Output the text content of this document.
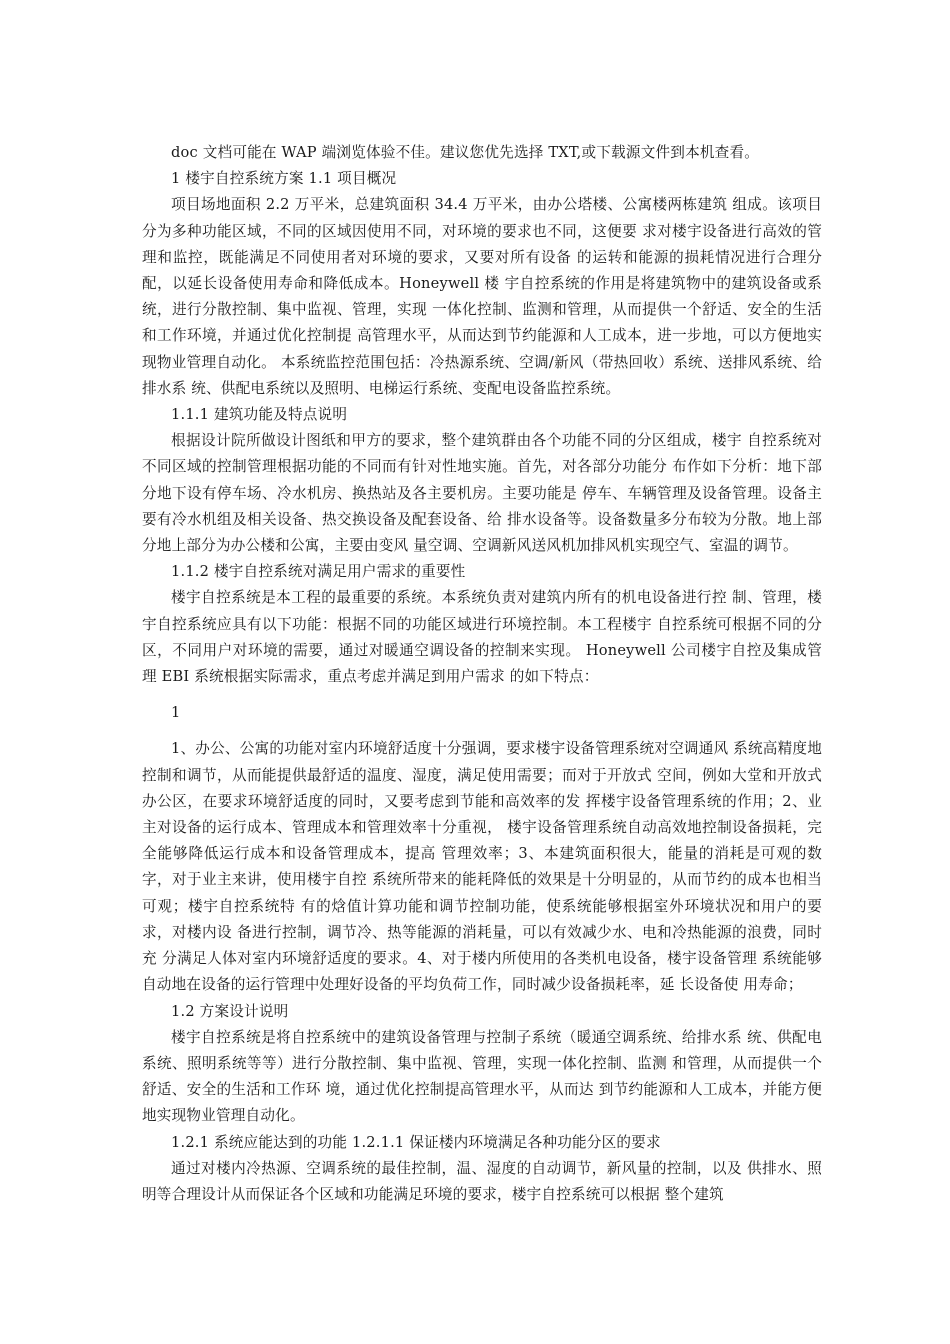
doc 文档可能在 WAP 端浏览体验不佳。建议您优先选择 TXT,或下载源文件到本机查看。

1 楼宇自控系统方案 1.1 项目概况

项目场地面积 2.2 万平米，总建筑面积 34.4 万平米，由办公塔楼、公寓楼两栋建筑 组成。该项目分为多种功能区域，不同的区域因使用不同，对环境的要求也不同，这便要 求对楼宇设备进行高效的管理和监控，既能满足不同使用者对环境的要求，又要对所有设备 的运转和能源的损耗情况进行合理分配，以延长设备使用寿命和降低成本。Honeywell 楼 宇自控系统的作用是将建筑物中的建筑设备或系统，进行分散控制、集中监视、管理，实现 一体化控制、监测和管理，从而提供一个舒适、安全的生活和工作环境，并通过优化控制提 高管理水平，从而达到节约能源和人工成本，进一步地，可以方便地实现物业管理自动化。 本系统监控范围包括：冷热源系统、空调/新风（带热回收）系统、送排风系统、给排水系 统、供配电系统以及照明、电梯运行系统、变配电设备监控系统。

1.1.1 建筑功能及特点说明

根据设计院所做设计图纸和甲方的要求，整个建筑群由各个功能不同的分区组成，楼宇 自控系统对不同区域的控制管理根据功能的不同而有针对性地实施。首先，对各部分功能分 布作如下分析：地下部分地下设有停车场、冷水机房、换热站及各主要机房。主要功能是 停车、车辆管理及设备管理。设备主要有冷水机组及相关设备、热交换设备及配套设备、给 排水设备等。设备数量多分布较为分散。地上部分地上部分为办公楼和公寓，主要由变风 量空调、空调新风送风机加排风机实现空气、室温的调节。

1.1.2 楼宇自控系统对满足用户需求的重要性

楼宇自控系统是本工程的最重要的系统。本系统负责对建筑内所有的机电设备进行控 制、管理，楼宇自控系统应具有以下功能：根据不同的功能区域进行环境控制。本工程楼宇 自控系统可根据不同的分区，不同用户对环境的需要，通过对暖通空调设备的控制来实现。 Honeywell 公司楼宇自控及集成管理 EBI 系统根据实际需求，重点考虑并满足到用户需求 的如下特点：

1

1、办公、公寓的功能对室内环境舒适度十分强调，要求楼宇设备管理系统对空调通风 系统高精度地控制和调节，从而能提供最舒适的温度、湿度，满足使用需要；而对于开放式 空间，例如大堂和开放式办公区，在要求环境舒适度的同时，又要考虑到节能和高效率的发 挥楼宇设备管理系统的作用；2、业主对设备的运行成本、管理成本和管理效率十分重视， 楼宇设备管理系统自动高效地控制设备损耗，完全能够降低运行成本和设备管理成本，提高 管理效率；3、本建筑面积很大，能量的消耗是可观的数字，对于业主来讲，使用楼宇自控 系统所带来的能耗降低的效果是十分明显的，从而节约的成本也相当可观；楼宇自控系统特 有的焓值计算功能和调节控制功能，使系统能够根据室外环境状况和用户的要求，对楼内设 备进行控制，调节冷、热等能源的消耗量，可以有效减少水、电和冷热能源的浪费，同时充 分满足人体对室内环境舒适度的要求。4、对于楼内所使用的各类机电设备，楼宇设备管理 系统能够自动地在设备的运行管理中处理好设备的平均负荷工作，同时减少设备损耗率，延 长设备使 用寿命；

1.2 方案设计说明

楼宇自控系统是将自控系统中的建筑设备管理与控制子系统（暖通空调系统、给排水系 统、供配电系统、照明系统等等）进行分散控制、集中监视、管理，实现一体化控制、监测 和管理，从而提供一个舒适、安全的生活和工作环 境，通过优化控制提高管理水平，从而达 到节约能源和人工成本，并能方便地实现物业管理自动化。

1.2.1 系统应能达到的功能 1.2.1.1 保证楼内环境满足各种功能分区的要求

通过对楼内冷热源、空调系统的最佳控制，温、湿度的自动调节，新风量的控制，以及 供排水、照明等合理设计从而保证各个区域和功能满足环境的要求，楼宇自控系统可以根据 整个建筑
